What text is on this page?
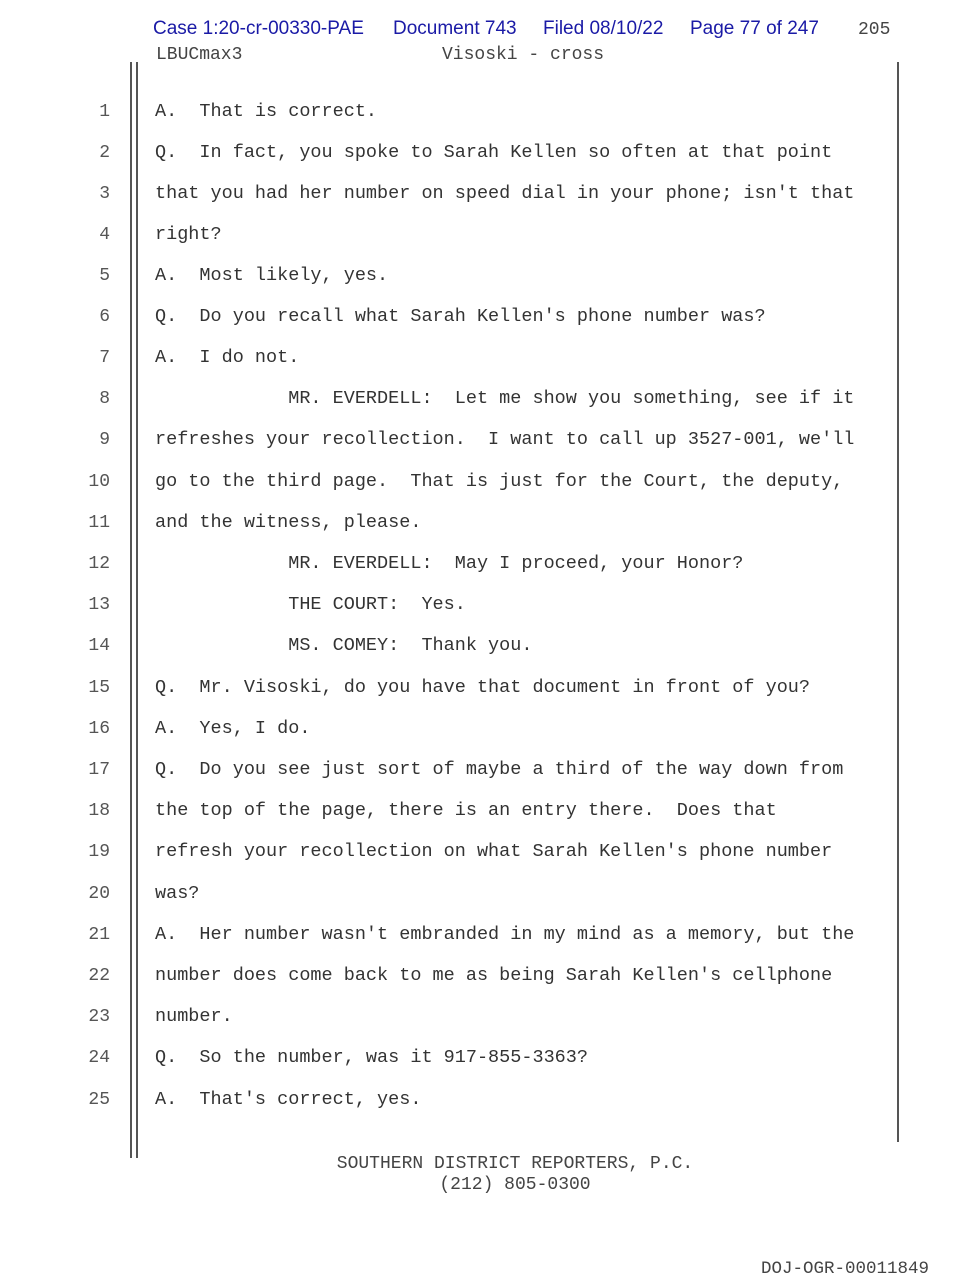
Case 1:20-cr-00330-PAE Document 743 Filed 08/10/22 Page 77 of 247 205
LBUCmax3	Visoski - cross
1 A.  That is correct.
2 Q.  In fact, you spoke to Sarah Kellen so often at that point
3 that you had her number on speed dial in your phone; isn't that
4 right?
5 A.  Most likely, yes.
6 Q.  Do you recall what Sarah Kellen's phone number was?
7 A.  I do not.
8 MR. EVERDELL:  Let me show you something, see if it
9 refreshes your recollection.  I want to call up 3527-001, we'll
10 go to the third page.  That is just for the Court, the deputy,
11 and the witness, please.
12 MR. EVERDELL:  May I proceed, your Honor?
13 THE COURT:  Yes.
14 MS. COMEY:  Thank you.
15 Q.  Mr. Visoski, do you have that document in front of you?
16 A.  Yes, I do.
17 Q.  Do you see just sort of maybe a third of the way down from
18 the top of the page, there is an entry there.  Does that
19 refresh your recollection on what Sarah Kellen's phone number
20 was?
21 A.  Her number wasn't embranded in my mind as a memory, but the
22 number does come back to me as being Sarah Kellen's cellphone
23 number.
24 Q.  So the number, was it 917-855-3363?
25 A.  That's correct, yes.
SOUTHERN DISTRICT REPORTERS, P.C.
(212) 805-0300
DOJ-OGR-00011849
